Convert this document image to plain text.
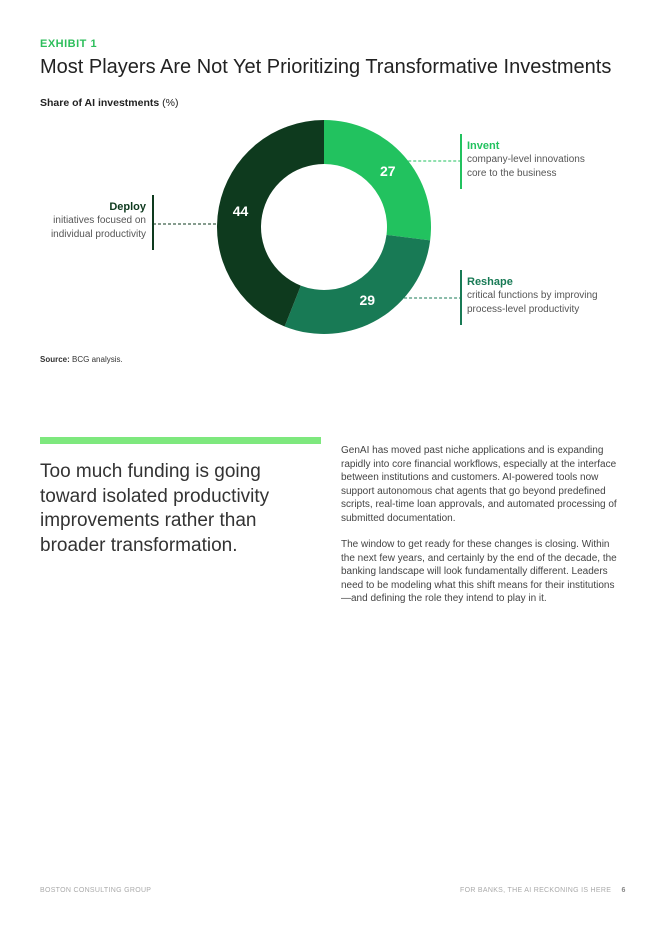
EXHIBIT 1
Most Players Are Not Yet Prioritizing Transformative Investments
Share of AI investments (%)
27
29
44
Invent
company-level innovations
core to the business
Reshape
critical functions by improving
process-level productivity
Deploy
initiatives focused on
individual productivity
Source: BCG analysis.
Too much funding is going toward isolated productivity improvements rather than broader transformation.

GenAI has moved past niche applications and is expanding rapidly into core financial workflows, especially at the interface between institutions and customers. AI-powered tools now support autonomous chat agents that go beyond predefined scripts, real-time loan approvals, and automated processing of submitted documentation.

The window to get ready for these changes is closing. Within the next few years, and certainly by the end of the decade, the banking landscape will look fundamentally different. Leaders need to be modeling what this shift means for their institutions—and defining the role they intend to play in it.

BOSTON CONSULTING GROUP	FOR BANKS, THE AI RECKONING IS HERE 6
